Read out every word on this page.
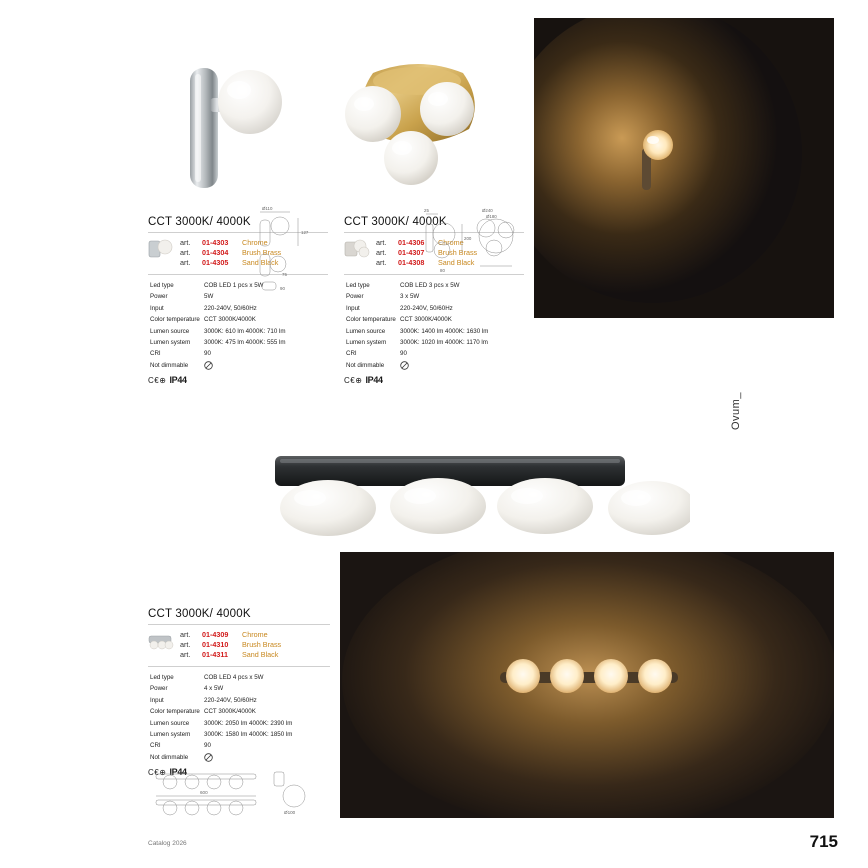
CCT 3000K/ 4000K
art.	01-4303	Chrome
art.	01-4304	Brush Brass
art.	01-4305	Sand Black
Led type	COB LED 1 pcs x 5W
Power	5W
Input	220-240V, 50/60Hz
Color temperature	CCT 3000K/4000K
Lumen source	3000K: 610 lm 4000K: 710 lm
Lumen system	3000K: 475 lm 4000K: 555 lm
CRI	90
Not dimmable	
C€⊕ IP44
Ø110
127
75
90
CCT 3000K/ 4000K
art.	01-4306	Chrome
art.	01-4307	Brush Brass
art.	01-4308	Sand Black
Led type	COB LED 3 pcs x 5W
Power	3 x 5W
Input	220-240V, 50/60Hz
Color temperature	CCT 3000K/4000K
Lumen source	3000K: 1400 lm 4000K: 1630 lm
Lumen system	3000K: 1020 lm 4000K: 1170 lm
CRI	90
Not dimmable	
C€⊕ IP44
25	Ø240
Ø180
200
80
Ovum_
CCT 3000K/ 4000K
art.	01-4309	Chrome
art.	01-4310	Brush Brass
art.	01-4311	Sand Black
Led type	COB LED 4 pcs x 5W
Power	4 x 5W
Input	220-240V, 50/60Hz
Color temperature	CCT 3000K/4000K
Lumen source	3000K: 2050 lm 4000K: 2390 lm
Lumen system	3000K: 1580 lm 4000K: 1850 lm
CRI	90
Not dimmable	
C€⊕ IP44
600
Ø100
Catalog 2026	715
